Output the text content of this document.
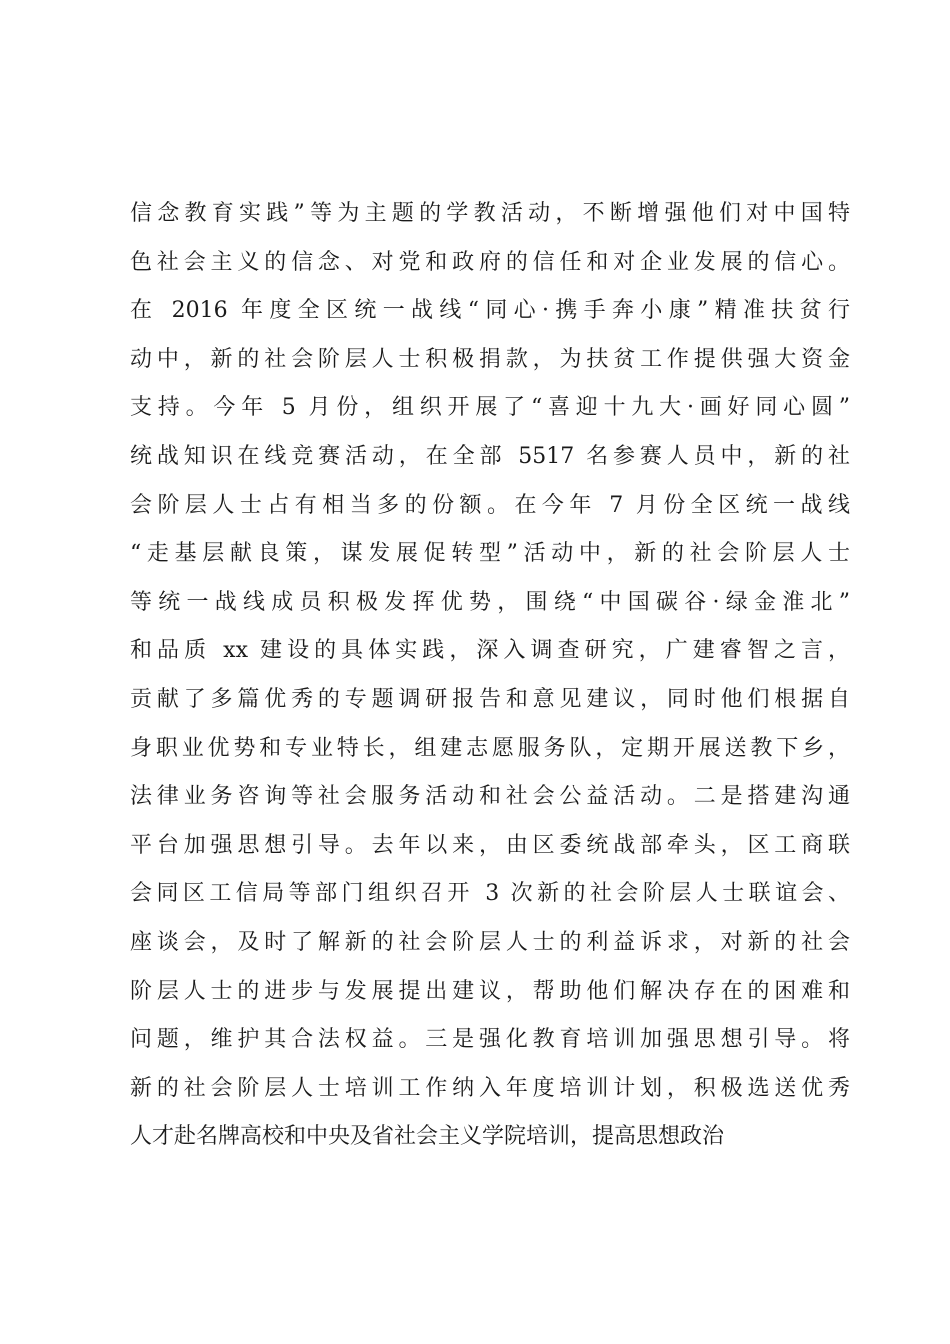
信念教育实践”等为主题的学教活动，不断增强他们对中国特
色社会主义的信念、对党和政府的信任和对企业发展的信心。
在 2016 年度全区统一战线“同心·携手奔小康”精准扶贫行
动中，新的社会阶层人士积极捐款，为扶贫工作提供强大资金
支持。今年 5 月份，组织开展了“喜迎十九大·画好同心圆”
统战知识在线竞赛活动，在全部 5517 名参赛人员中，新的社
会阶层人士占有相当多的份额。在今年 7 月份全区统一战线
“走基层献良策，谋发展促转型”活动中，新的社会阶层人士
等统一战线成员积极发挥优势，围绕“中国碳谷·绿金淮北”
和品质 xx 建设的具体实践，深入调查研究，广建睿智之言，
贡献了多篇优秀的专题调研报告和意见建议，同时他们根据自
身职业优势和专业特长，组建志愿服务队，定期开展送教下乡，
法律业务咨询等社会服务活动和社会公益活动。二是搭建沟通
平台加强思想引导。去年以来，由区委统战部牵头，区工商联
会同区工信局等部门组织召开 3 次新的社会阶层人士联谊会、
座谈会，及时了解新的社会阶层人士的利益诉求，对新的社会
阶层人士的进步与发展提出建议，帮助他们解决存在的困难和
问题，维护其合法权益。三是强化教育培训加强思想引导。将
新的社会阶层人士培训工作纳入年度培训计划，积极选送优秀
人才赴名牌高校和中央及省社会主义学院培训，提高思想政治
